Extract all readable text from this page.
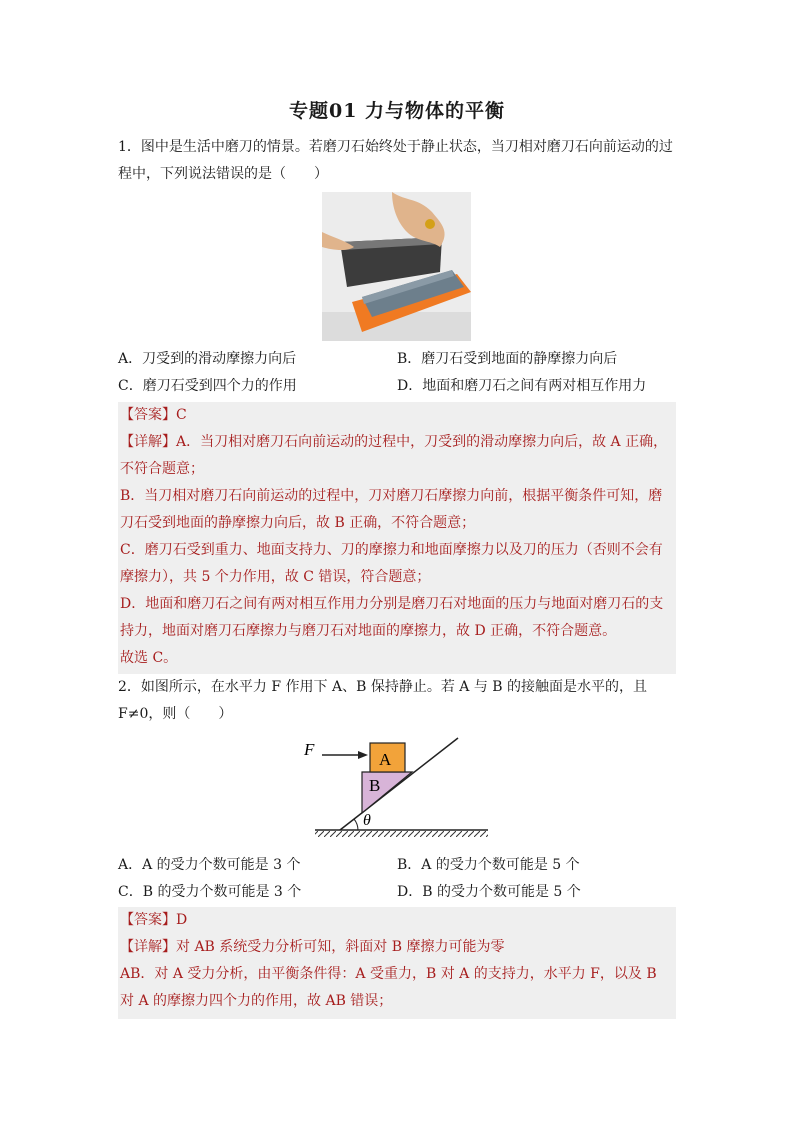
专题01 力与物体的平衡
1．图中是生活中磨刀的情景。若磨刀石始终处于静止状态，当刀相对磨刀石向前运动的过程中，下列说法错误的是（　　）
A．刀受到的滑动摩擦力向后	B．磨刀石受到地面的静摩擦力向后
C．磨刀石受到四个力的作用	D．地面和磨刀石之间有两对相互作用力

【答案】C

【详解】A．当刀相对磨刀石向前运动的过程中，刀受到的滑动摩擦力向后，故 A 正确，不符合题意；

B．当刀相对磨刀石向前运动的过程中，刀对磨刀石摩擦力向前，根据平衡条件可知，磨刀石受到地面的静摩擦力向后，故 B 正确，不符合题意；

C．磨刀石受到重力、地面支持力、刀的摩擦力和地面摩擦力以及刀的压力（否则不会有摩擦力），共 5 个力作用，故 C 错误，符合题意；

D．地面和磨刀石之间有两对相互作用力分别是磨刀石对地面的压力与地面对磨刀石的支持力，地面对磨刀石摩擦力与磨刀石对地面的摩擦力，故 D 正确，不符合题意。

故选 C。

2．如图所示，在水平力 F 作用下 A、B 保持静止。若 A 与 B 的接触面是水平的，且
F≠0，则（　　）
F
A
B
θ
A．A 的受力个数可能是 3 个	B．A 的受力个数可能是 5 个
C．B 的受力个数可能是 3 个	D．B 的受力个数可能是 5 个

【答案】D

【详解】对 AB 系统受力分析可知，斜面对 B 摩擦力可能为零

AB．对 A 受力分析，由平衡条件得：A 受重力，B 对 A 的支持力，水平力 F，以及 B 对 A 的摩擦力四个力的作用，故 AB 错误；
